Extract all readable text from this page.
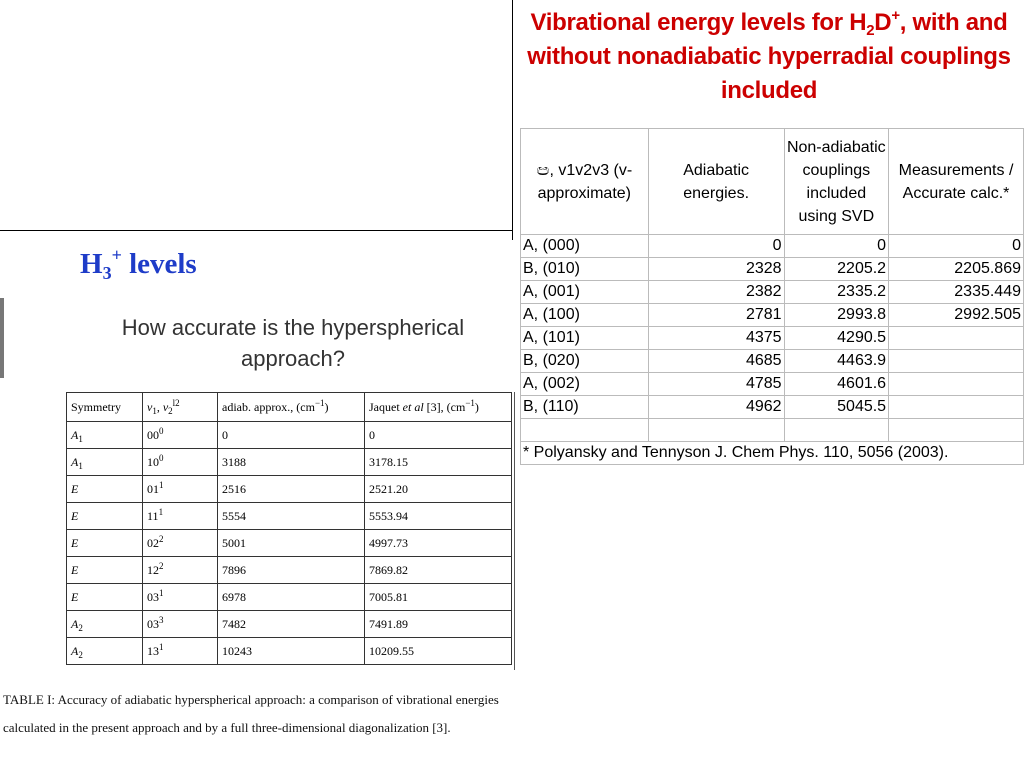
Vibrational energy levels for $H_2D^+$, with and without nonadiabatic hyperradial couplings included
ඏ, v1v2v3 (v-approximate)	Adiabatic energies.	Non-adiabatic couplings included using SVD	Measurements / Accurate calc.*
A, (000)	0	0	0
B, (010)	2328	2205.2	2205.869
A, (001)	2382	2335.2	2335.449
A, (100)	2781	2993.8	2992.505
A, (101)	4375	4290.5	
B, (020)	4685	4463.9	
A, (002)	4785	4601.6	
B, (110)	4962	5045.5	

* Polyansky and Tennyson J. Chem Phys. 110, 5056 (2003).			
$H_3^+$ levels
How accurate is the hyperspherical approach?
Symmetry	$v_1$, $v_2^{l2}$	adiab. approx., $(cm^{-1})$	Jaquet et al [3], $(cm^{-1})$
$A_1$	$00^0$	0	0
$A_1$	$10^0$	3188	3178.15
E	$01^1$	2516	2521.20
E	$11^1$	5554	5553.94
E	$02^2$	5001	4997.73
E	$12^2$	7896	7869.82
E	$03^1$	6978	7005.81
$A_2$	$03^3$	7482	7491.89
$A_2$	$13^1$	10243	10209.55
TABLE I: Accuracy of adiabatic hyperspherical approach: a comparison of vibrational energies
calculated in the present approach and by a full three-dimensional diagonalization [3].
